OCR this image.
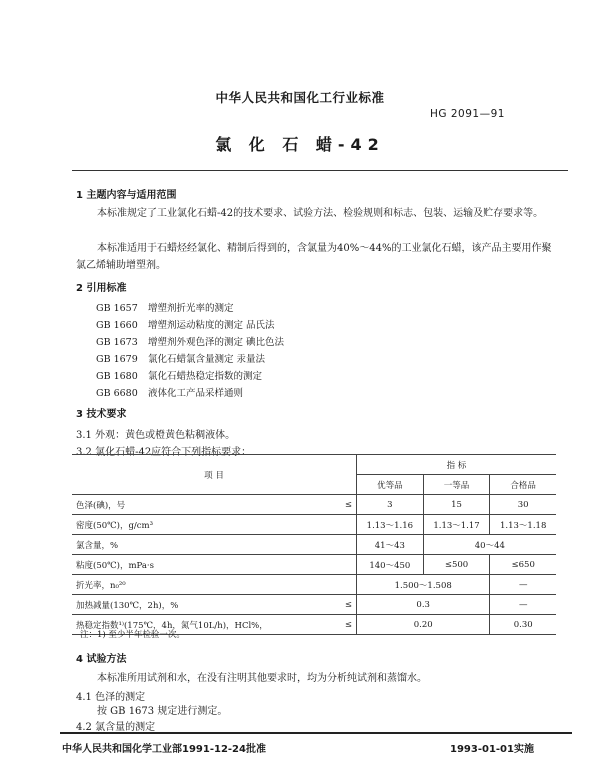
中华人民共和国化工行业标准
HG 2091—91
氯 化 石 蜡-42
1 主题内容与适用范围
本标准规定了工业氯化石蜡-42的技术要求、试验方法、检验规则和标志、包装、运输及贮存要求等。
本标准适用于石蜡烃经氯化、精制后得到的，含氯量为40%～44%的工业氯化石蜡，该产品主要用作聚氯乙烯辅助增塑剂。
2 引用标准
GB 1657 增塑剂折光率的测定
GB 1660 增塑剂运动粘度的测定 品氏法
GB 1673 增塑剂外观色泽的测定 碘比色法
GB 1679 氯化石蜡氯含量测定 汞量法
GB 1680 氯化石蜡热稳定指数的测定
GB 6680 液体化工产品采样通则
3 技术要求
3.1 外观：黄色或橙黄色粘稠液体。
3.2 氯化石蜡-42应符合下列指标要求：
项 目		指 标		
		优等品	一等品	合格品
色泽(碘)，号	≤	3	15	30
密度(50℃)，g/cm³		1.13～1.16	1.13～1.17	1.13～1.18
氯含量，%		41～43	40～44	
粘度(50℃)，mPa·s		140～450	≤500	≤650
折光率，n₀²⁰		1.500～1.508		—
加热减量(130℃，2h)，%	≤	0.3		—
热稳定指数¹⁾(175℃，4h，氮气10L/h)，HCl%，	≤	0.20		0.30
注：1) 至少半年检验一次。
4 试验方法
本标准所用试剂和水，在没有注明其他要求时，均为分析纯试剂和蒸馏水。
4.1 色泽的测定
按 GB 1673 规定进行测定。
4.2 氯含量的测定
中华人民共和国化学工业部1991-12-24批准	1993-01-01实施
